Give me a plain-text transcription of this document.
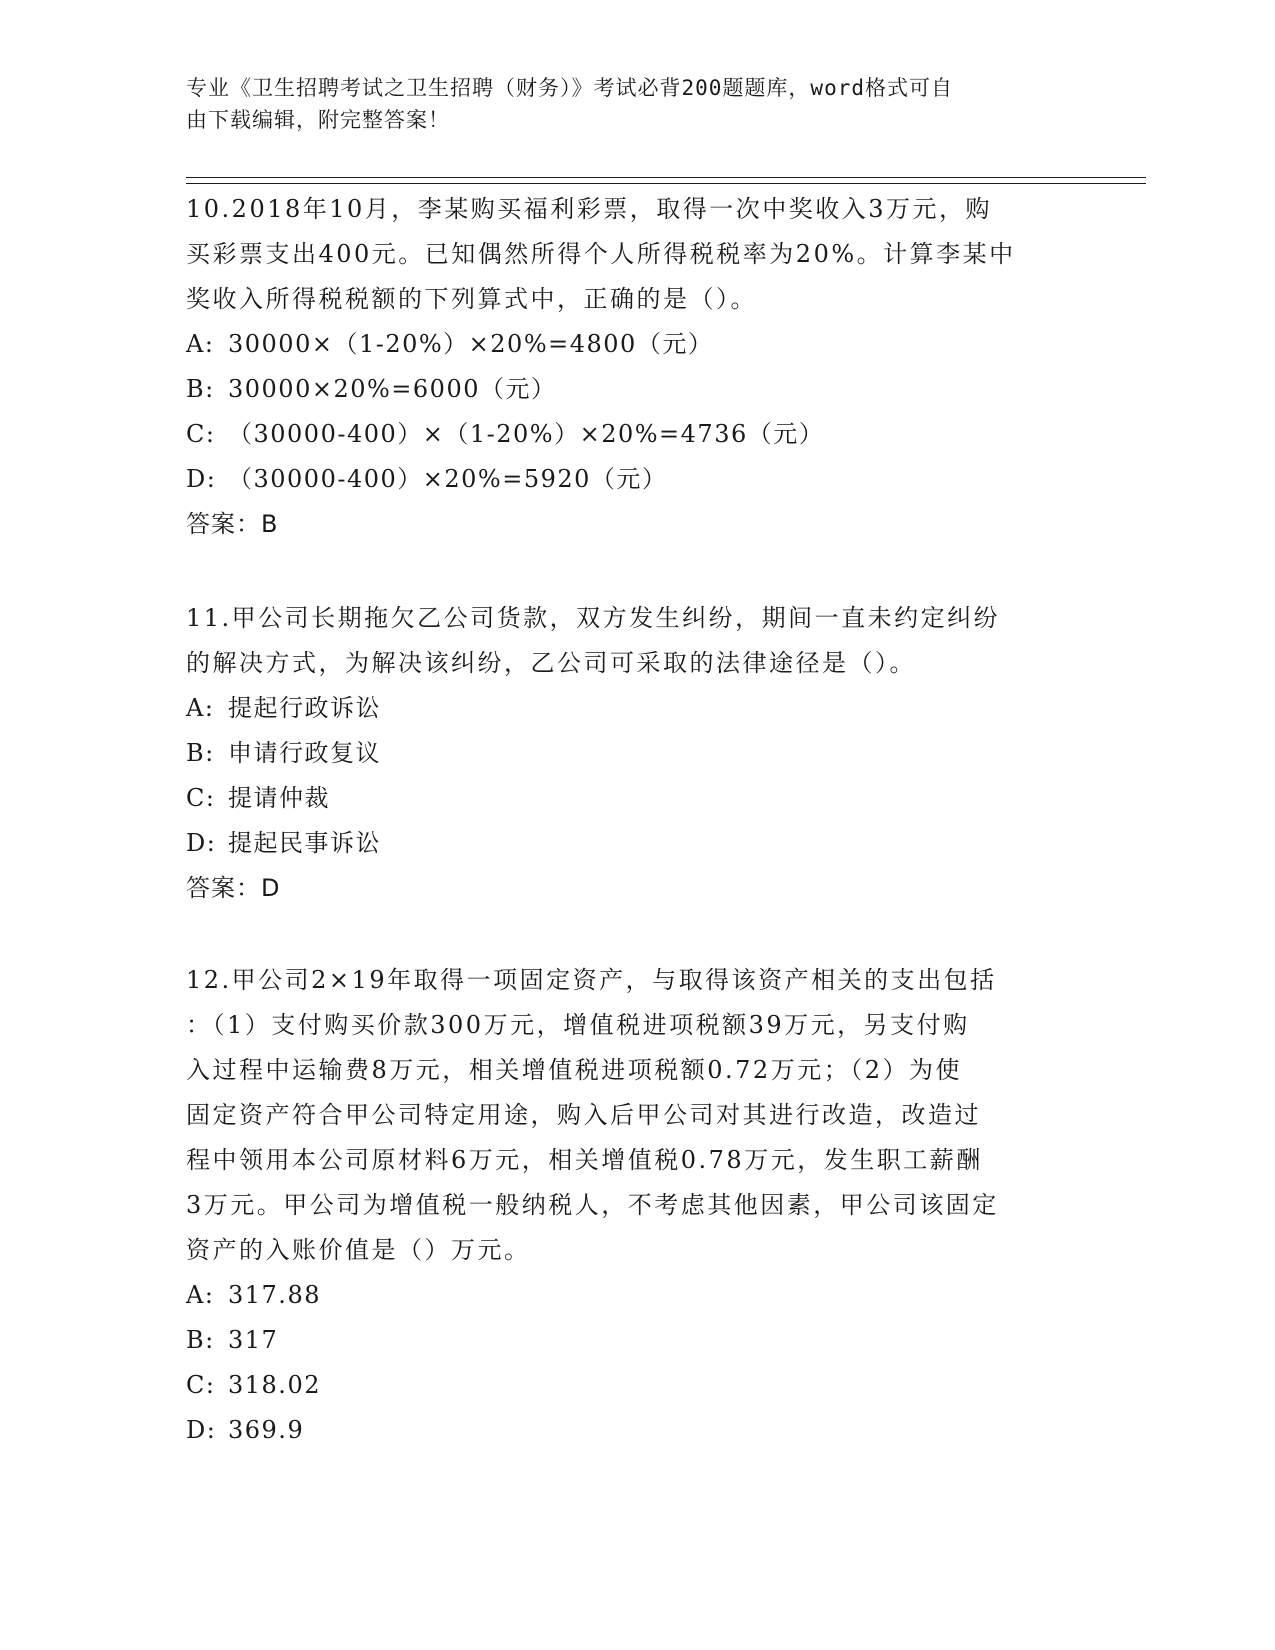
专业《卫生招聘考试之卫生招聘（财务）》考试必背200题题库，word格式可自
由下载编辑，附完整答案！

10.2018年10月，李某购买福利彩票，取得一次中奖收入3万元，购

买彩票支出400元。已知偶然所得个人所得税税率为20%。计算李某中

奖收入所得税税额的下列算式中，正确的是（）。

A: 30000×（1-20%）×20%=4800（元）

B: 30000×20%=6000（元）

C: （30000-400）×（1-20%）×20%=4736（元）

D: （30000-400）×20%=5920（元）

答案：B

11.甲公司长期拖欠乙公司货款，双方发生纠纷，期间一直未约定纠纷

的解决方式，为解决该纠纷，乙公司可采取的法律途径是（）。

A: 提起行政诉讼

B: 申请行政复议

C: 提请仲裁

D: 提起民事诉讼

答案：D

12.甲公司2×19年取得一项固定资产，与取得该资产相关的支出包括

：（1）支付购买价款300万元，增值税进项税额39万元，另支付购

入过程中运输费8万元，相关增值税进项税额0.72万元；（2）为使

固定资产符合甲公司特定用途，购入后甲公司对其进行改造，改造过

程中领用本公司原材料6万元，相关增值税0.78万元，发生职工薪酬

3万元。甲公司为增值税一般纳税人，不考虑其他因素，甲公司该固定

资产的入账价值是（）万元。

A: 317.88

B: 317

C: 318.02

D: 369.9
